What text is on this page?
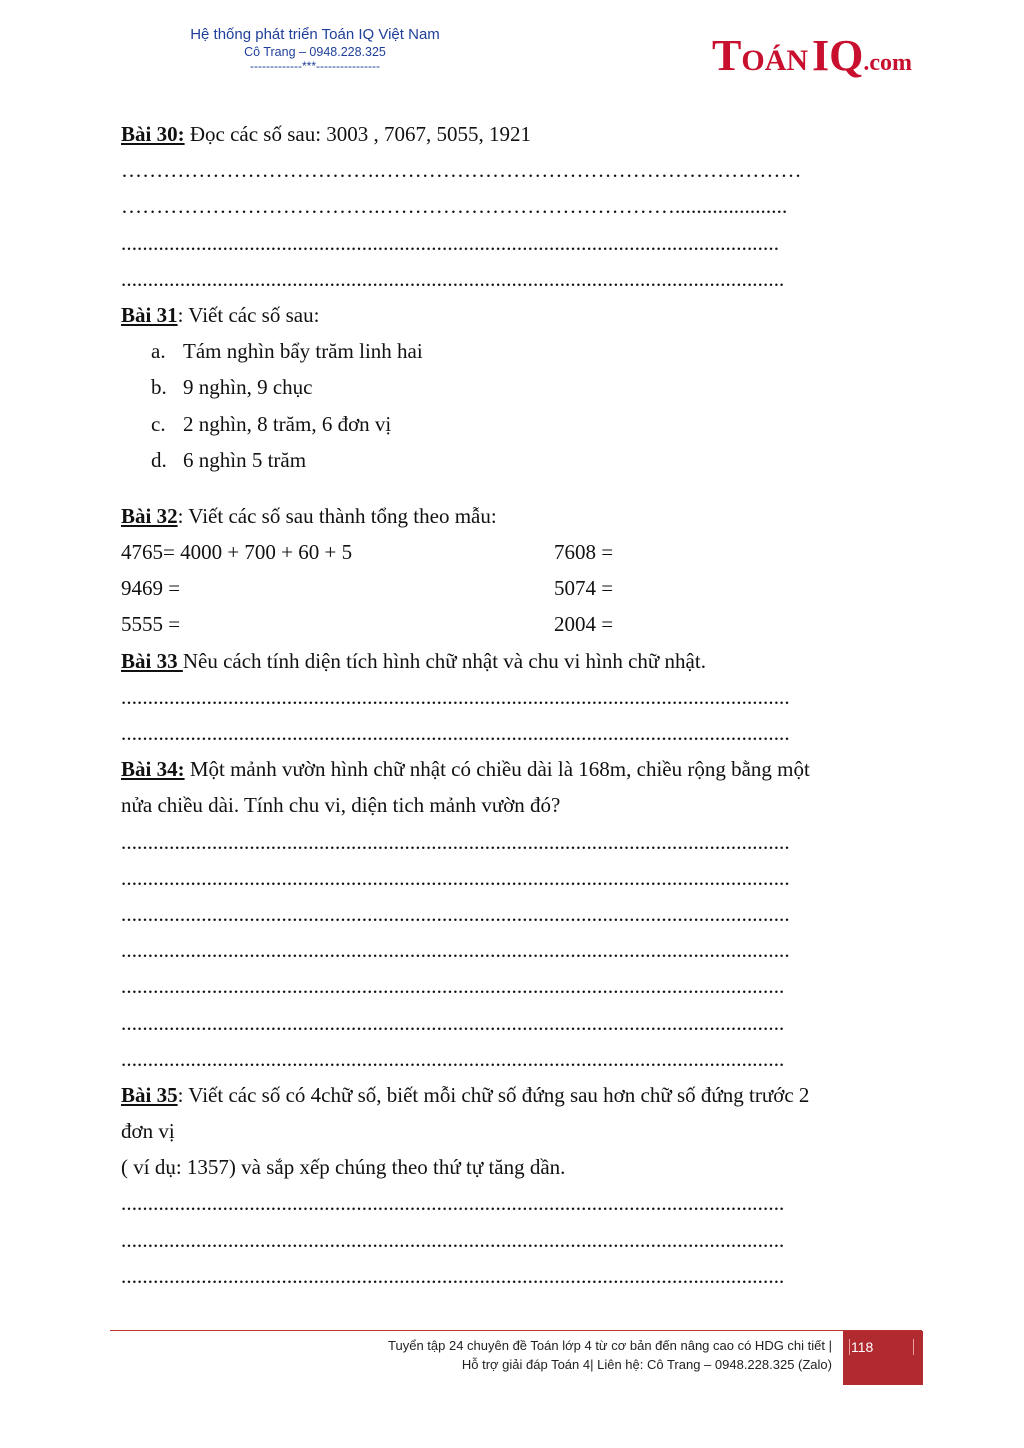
Hệ thống phát triển Toán IQ Việt Nam
Cô Trang – 0948.228.325
-------------***----------------	TOÁN IQ.com
Bài 30: Đọc các số sau: 3003 , 7067, 5055, 1921
……………………………….……………………………………………………
……………………………….…………………………………….....................
...........................................................................................................................
............................................................................................................................
Bài 31: Viết các số sau:
a. Tám nghìn bẩy trăm linh hai
b. 9 nghìn, 9 chục
c. 2 nghìn, 8 trăm, 6 đơn vị
d. 6 nghìn 5 trăm
Bài 32: Viết các số sau thành tổng theo mẫu:
4765= 4000 + 700 + 60 + 5	7608 =
9469 =	5074 =
5555 =	2004 =
Bài 33 Nêu cách tính diện tích hình chữ nhật và chu vi hình chữ nhật.
.............................................................................................................................
.............................................................................................................................
Bài 34: Một mảnh vườn hình chữ nhật có chiều dài là 168m, chiều rộng bằng một
nửa chiều dài. Tính chu vi, diện tich mảnh vườn đó?
.............................................................................................................................
.............................................................................................................................
.............................................................................................................................
.............................................................................................................................
............................................................................................................................
............................................................................................................................
............................................................................................................................
Bài 35: Viết các số có 4chữ số, biết mỗi chữ số đứng sau hơn chữ số đứng trước 2
đơn vị
( ví dụ: 1357) và sắp xếp chúng theo thứ tự tăng dần.
............................................................................................................................
............................................................................................................................
............................................................................................................................
Tuyển tập 24 chuyên đề Toán lớp 4 từ cơ bản đến nâng cao có HDG chi tiết |
Hỗ trợ giải đáp Toán 4| Liên hệ: Cô Trang – 0948.228.325 (Zalo)
118
